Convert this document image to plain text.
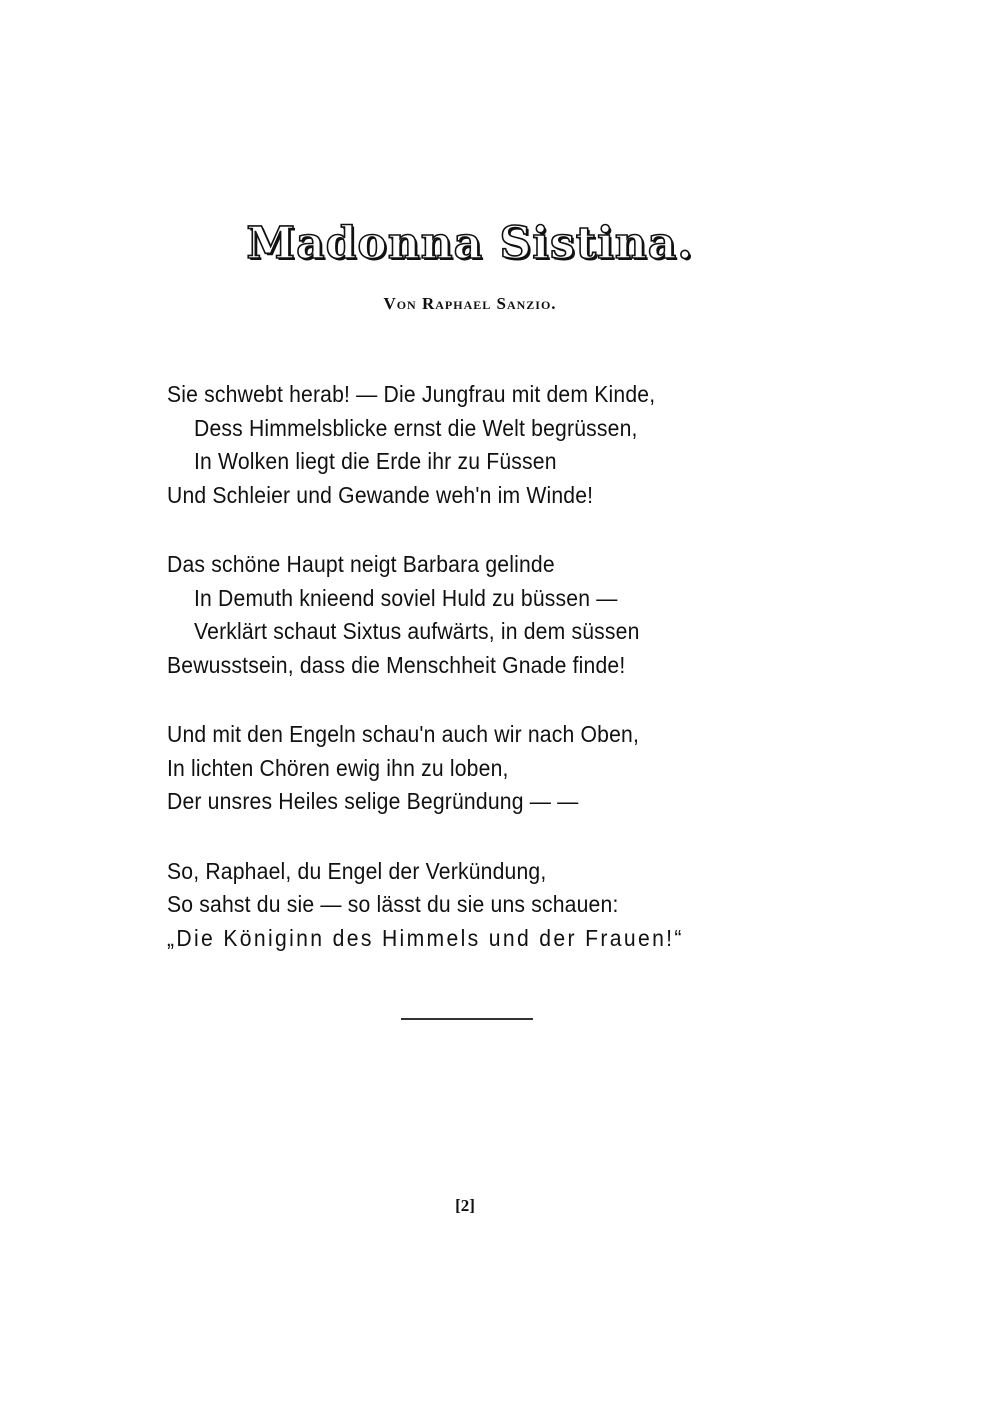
Madonna Sistina.
Von Raphael Sanzio.
Sie schwebt herab! — Die Jungfrau mit dem Kinde,
Dess Himmelsblicke ernst die Welt begrüssen,
In Wolken liegt die Erde ihr zu Füssen
Und Schleier und Gewande weh'n im Winde!
Das schöne Haupt neigt Barbara gelinde
In Demuth knieend soviel Huld zu büssen —
Verklärt schaut Sixtus aufwärts, in dem süssen
Bewusstsein, dass die Menschheit Gnade finde!
Und mit den Engeln schau'n auch wir nach Oben,
In lichten Chören ewig ihn zu loben,
Der unsres Heiles selige Begründung — —
So, Raphael, du Engel der Verkündung,
So sahst du sie — so lässt du sie uns schauen:
„Die Königinn des Himmels und der Frauen!“
[2]
